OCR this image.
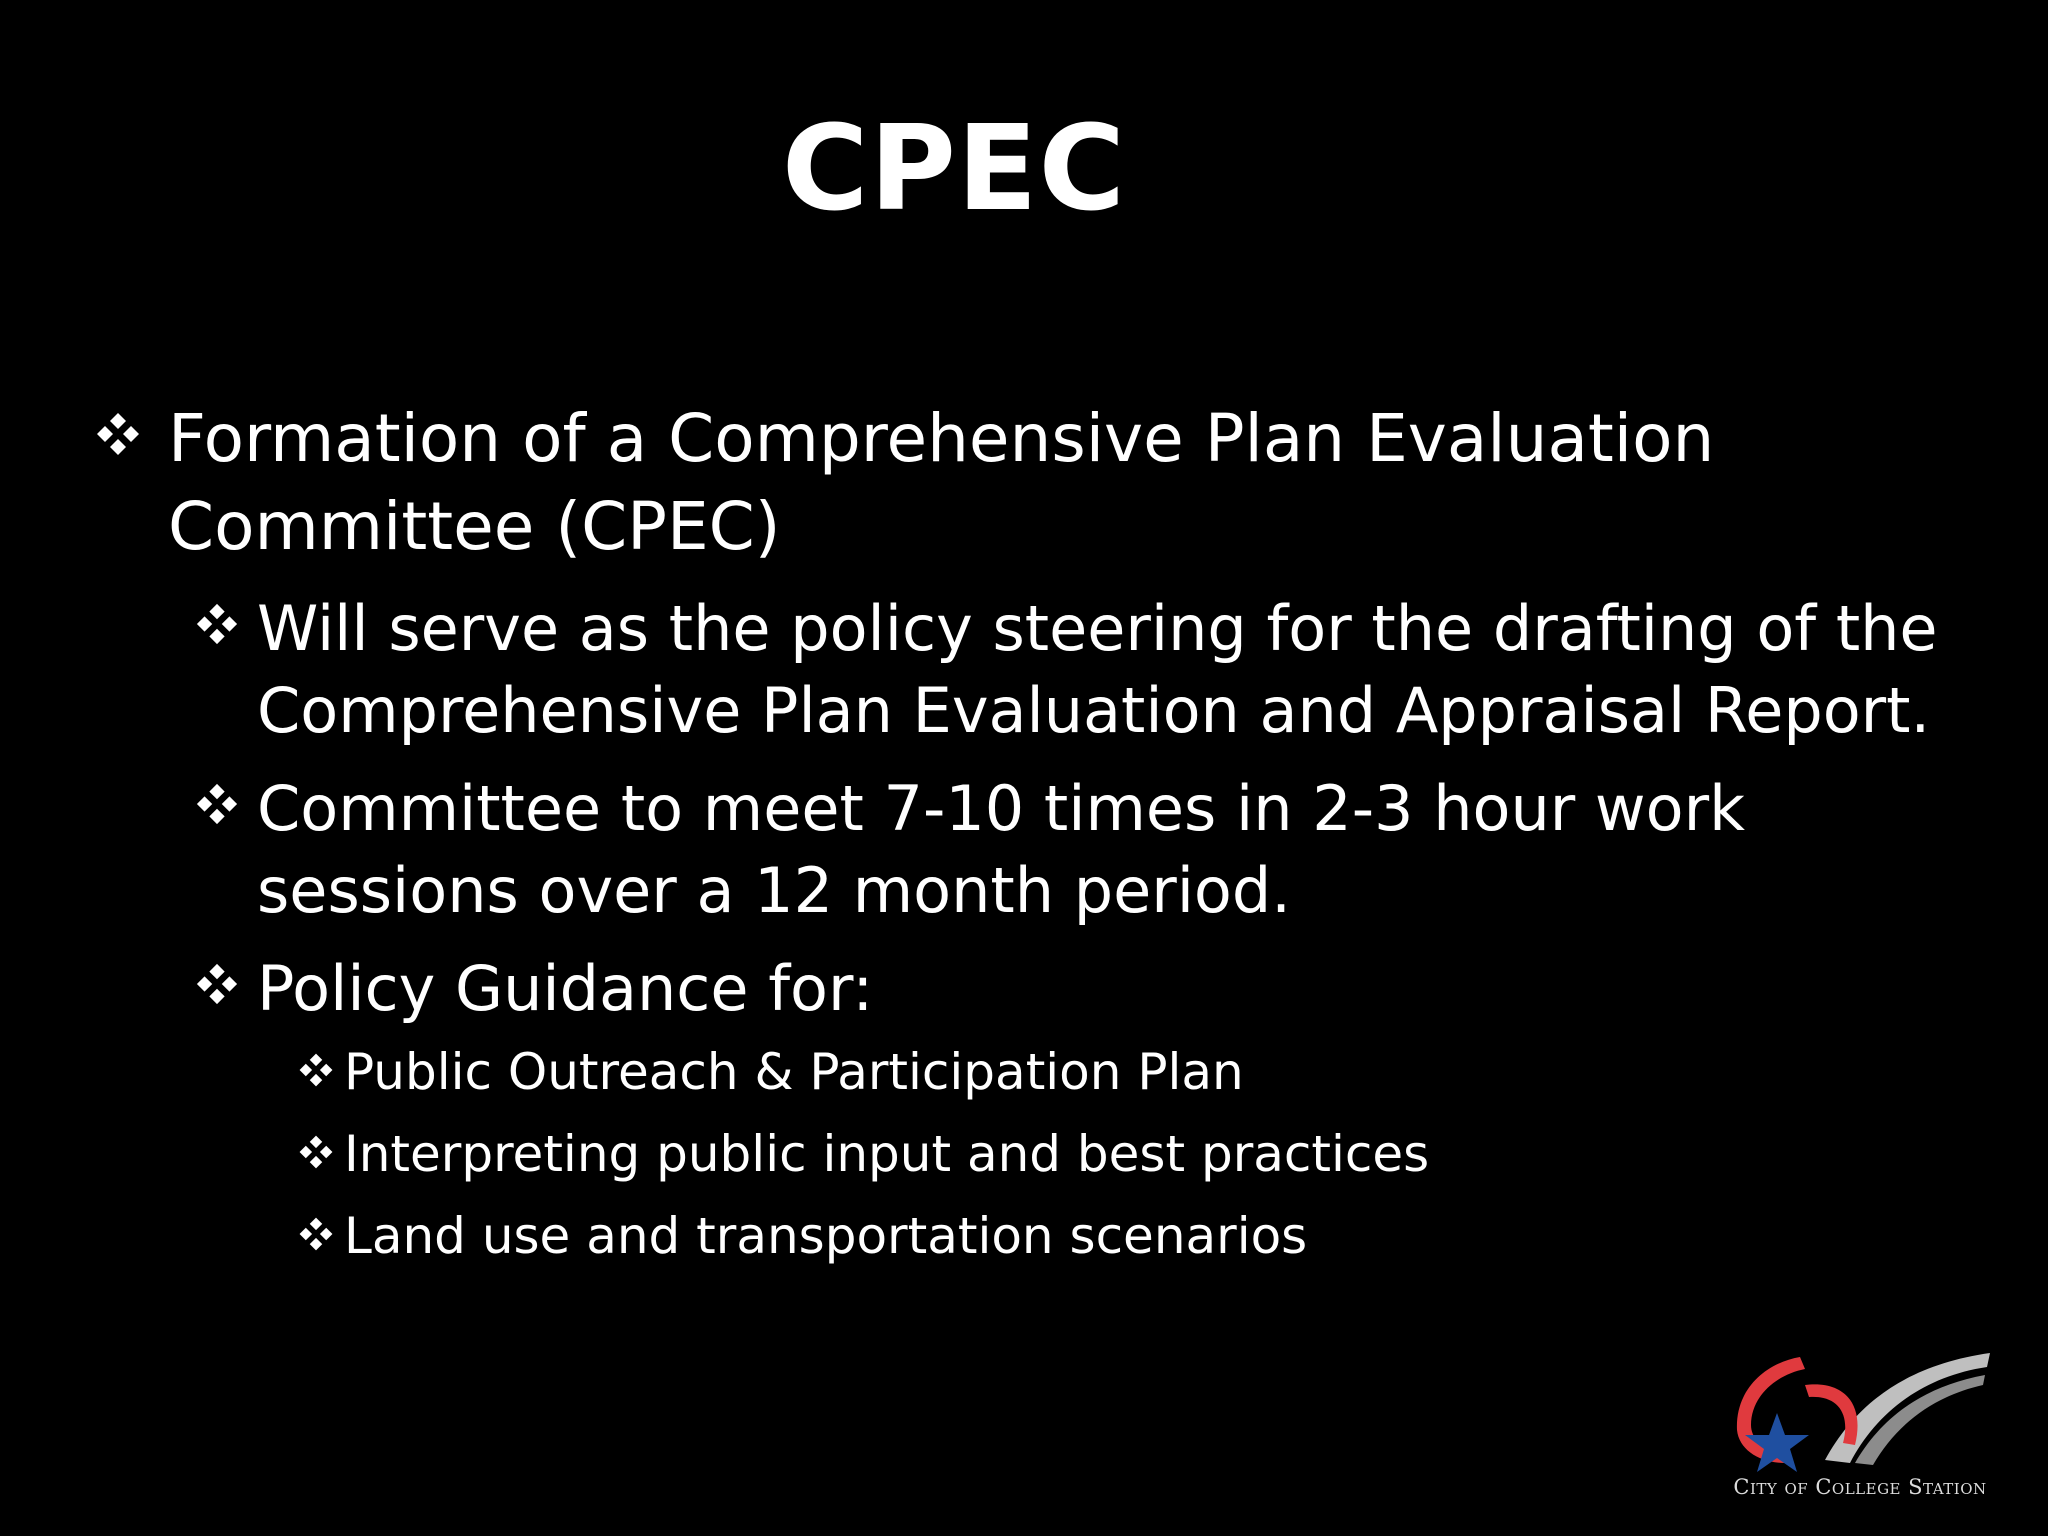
CPEC
Formation of a Comprehensive Plan Evaluation
Committee (CPEC)
Will serve as the policy steering for the drafting of the
Comprehensive Plan Evaluation and Appraisal Report.
Committee to meet 7-10 times in 2-3 hour work
sessions over a 12 month period.
Policy Guidance for:
Public Outreach & Participation Plan
Interpreting public input and best practices
Land use and transportation scenarios
City of College Station
